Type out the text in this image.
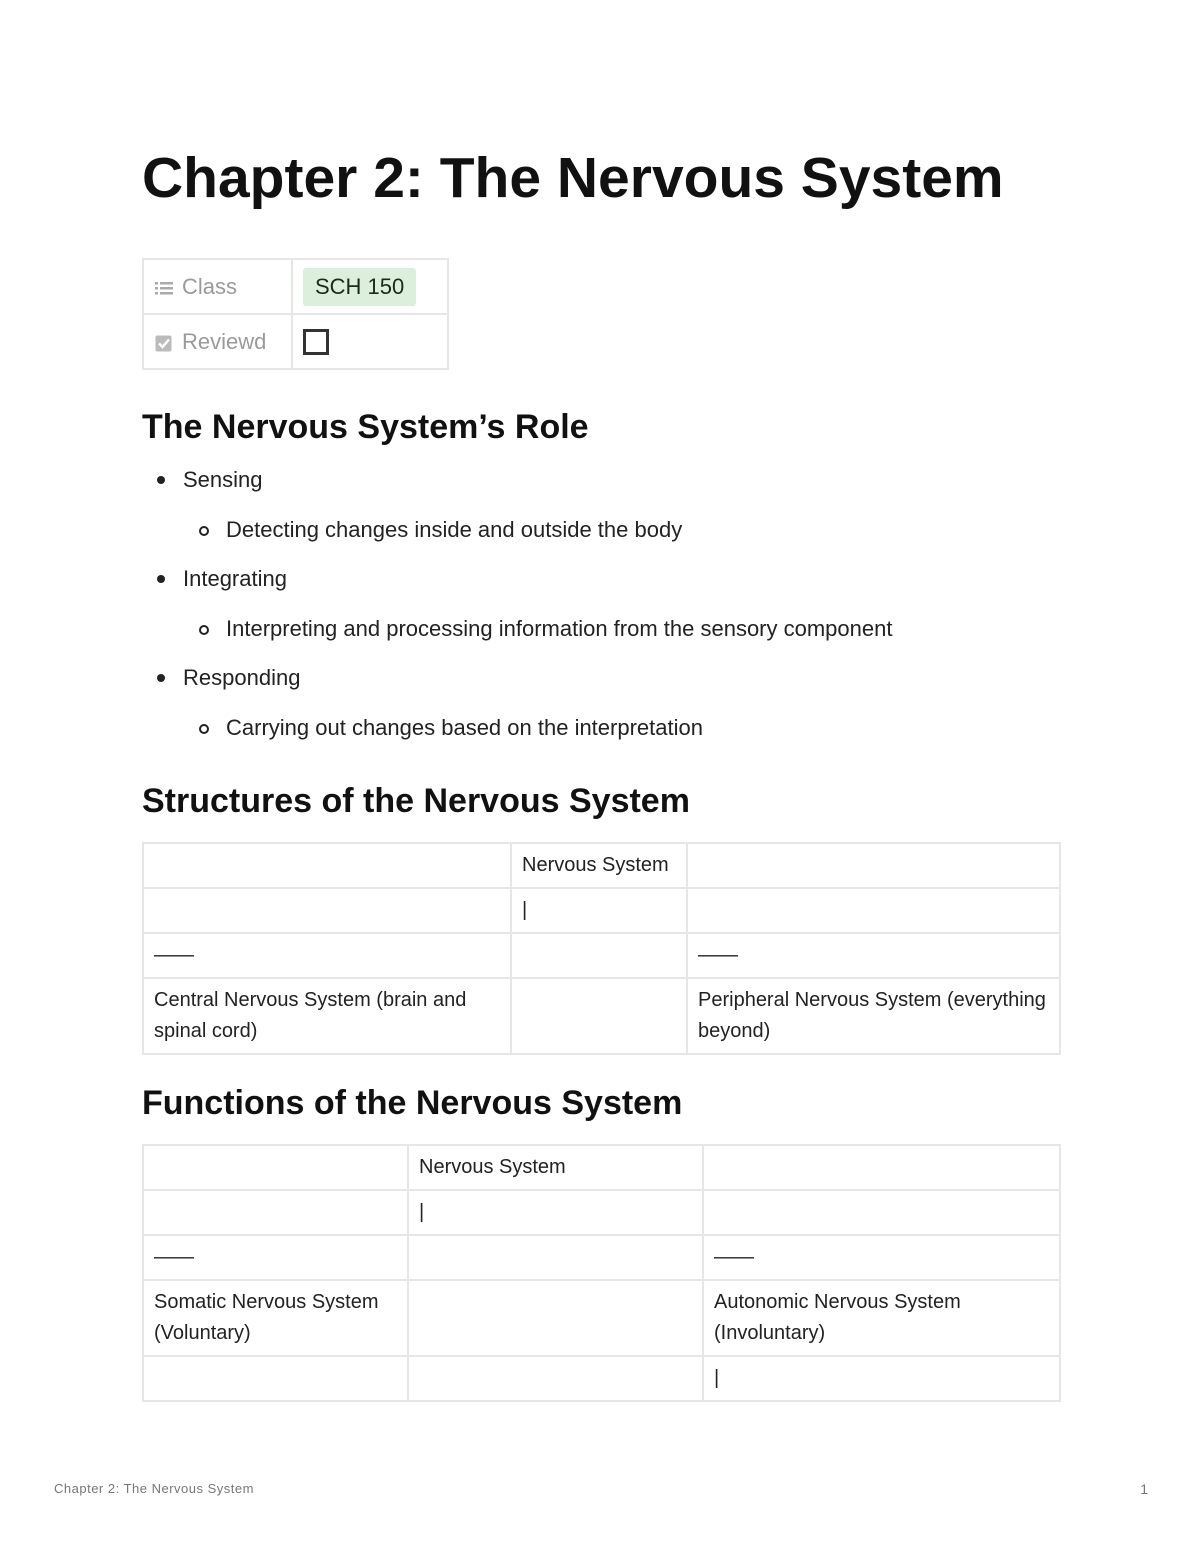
Chapter 2: The Nervous System
Class	SCH 150
Reviewd	
The Nervous System’s Role
Sensing
Detecting changes inside and outside the body
Integrating
Interpreting and processing information from the sensory component
Responding
Carrying out changes based on the interpretation
Structures of the Nervous System
	Nervous System	
	|	
——		——
Central Nervous System (brain and spinal cord)		Peripheral Nervous System (everything beyond)
Functions of the Nervous System
	Nervous System	
	|	
——		——
Somatic Nervous System (Voluntary)		Autonomic Nervous System (Involuntary)
		|
Chapter 2: The Nervous System	1
